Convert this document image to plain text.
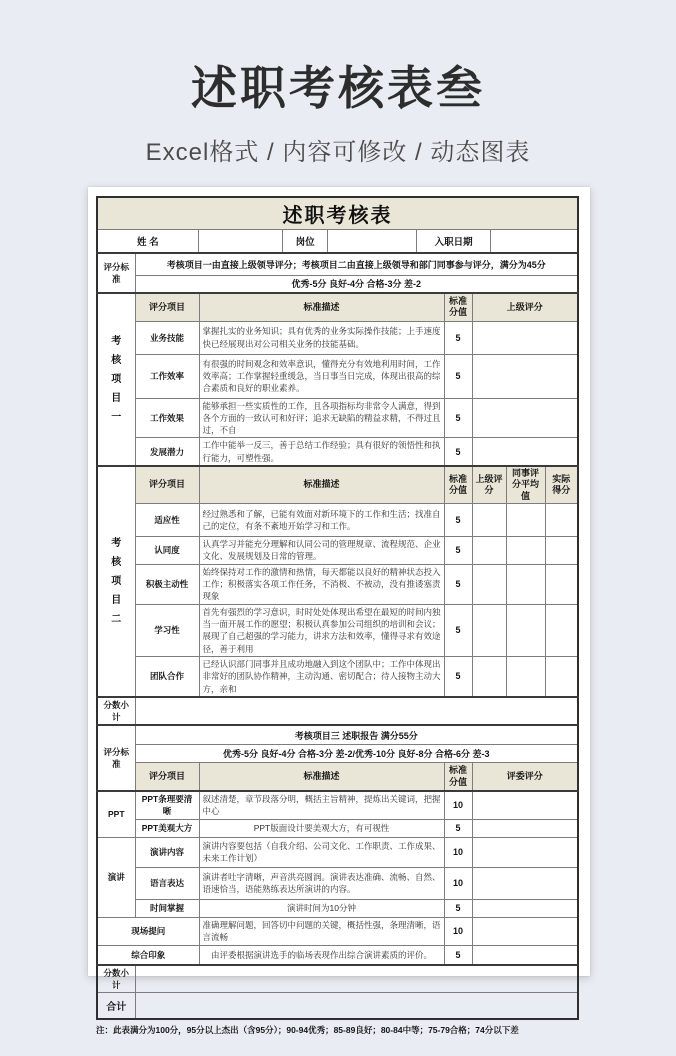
述职考核表叁
Excel格式 / 内容可修改 / 动态图表
述职考核表						

姓 名 岗位 入职日期						

评分标准	考核项目一由直接上级领导评分；考核项目二由直接上级领导和部门同事参与评分，满分为45分					
	优秀-5分 良好-4分 合格-3分 差-2					
考核项目一	评分项目	标准描述	标准分值	上级评分		
	业务技能	掌握扎实的业务知识；具有优秀的业务实际操作技能；上手速度快已经展现出对公司相关业务的技能基础。	5			
	工作效率	有很强的时间观念和效率意识，懂得充分有效地利用时间，工作效率高；工作掌握轻重缓急，当日事当日完成，体现出很高的综合素质和良好的职业素养。	5			
	工作效果	能够承担一些实质性的工作，且各项指标均非常令人满意，得到各个方面的一致认可和好评；追求无缺陷的精益求精，不得过且过，不自	5			
	发展潜力	工作中能举一反三，善于总结工作经验；具有很好的领悟性和执行能力，可塑性强。	5			
考核项目二	评分项目	标准描述	标准分值	上级评分	同事评分平均值	实际得分
	适应性	经过熟悉和了解，已能有效面对新环境下的工作和生活；找准自己的定位，有条不紊地开始学习和工作。	5			
	认同度	认真学习并能充分理解和认同公司的管理规章、流程规范、企业文化、发展规划及日常的管理。	5			
	积极主动性	始终保持对工作的激情和热情，每天都能以良好的精神状态投入工作；积极落实各项工作任务，不消极、不被动，没有推诿塞责现象	5			
	学习性	首先有强烈的学习意识，时时处处体现出希望在最短的时间内独当一面开展工作的愿望；积极认真参加公司组织的培训和会议；展现了自己超强的学习能力，讲求方法和效率，懂得寻求有效途径，善于利用	5			
	团队合作	已经认识部门同事并且成功地融入到这个团队中；工作中体现出非常好的团队协作精神，主动沟通、密切配合；待人接物主动大方，亲和	5			
分数小计						
评分标准	考核项目三 述职报告 满分55分					
	优秀-5分 良好-4分 合格-3分 差-2/优秀-10分 良好-8分 合格-6分 差-3					
	评分项目	标准描述	标准分值	评委评分		
PPT	PPT条理要清晰	叙述清楚，章节段落分明，概括主旨精神，提炼出关键词，把握中心	10			
	PPT美观大方	PPT版面设计要美观大方，有可视性	5			
演讲	演讲内容	演讲内容要包括（自我介绍、公司文化、工作职责、工作成果、未来工作计划）	10			
	语言表达	演讲者吐字清晰，声音洪亮圆润。演讲表达准确、流畅、自然、语速恰当，语能熟练表达所演讲的内容。	10			
	时间掌握	演讲时间为10分钟	5			
现场提问		准确理解问题，回答切中问题的关键，概括性强，条理清晰，语言流畅	10			
综合印象		由评委根据演讲选手的临场表现作出综合演讲素质的评价。	5			
分数小计						
合计						
注：此表满分为100分，95分以上杰出（含95分）；90-94优秀；85-89良好；80-84中等；75-79合格；74分以下差
